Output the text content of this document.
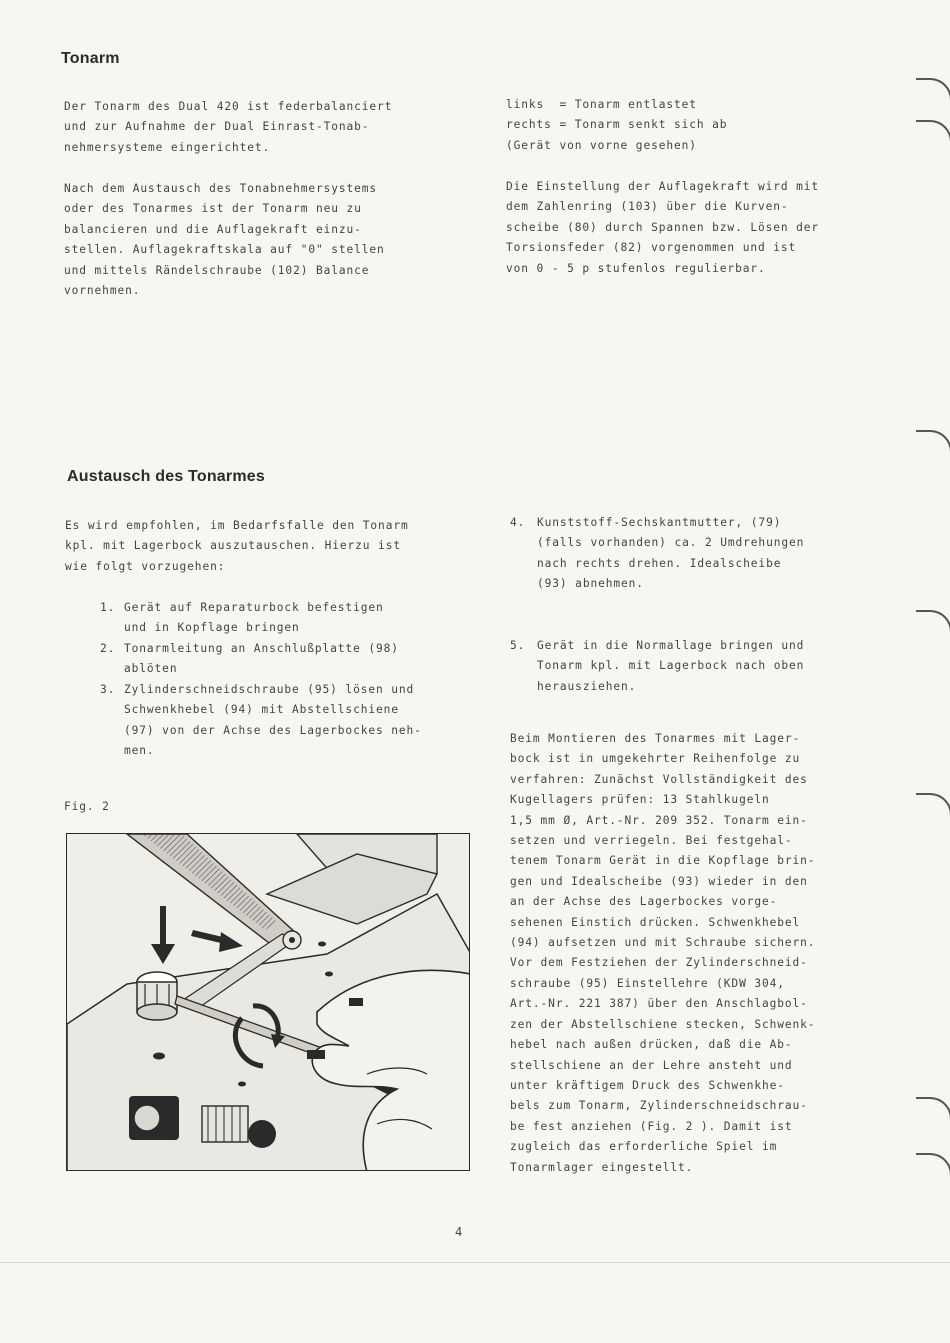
Tonarm

Der Tonarm des Dual 420 ist federbalanciert
und zur Aufnahme der Dual Einrast-Tonab-
nehmersysteme eingerichtet.

Nach dem Austausch des Tonabnehmersystems
oder des Tonarmes ist der Tonarm neu zu
balancieren und die Auflagekraft einzu-
stellen. Auflagekraftskala auf "0" stellen
und mittels Rändelschraube (102) Balance
vornehmen.

links  = Tonarm entlastet
rechts = Tonarm senkt sich ab
(Gerät von vorne gesehen)

Die Einstellung der Auflagekraft wird mit
dem Zahlenring (103) über die Kurven-
scheibe (80) durch Spannen bzw. Lösen der
Torsionsfeder (82) vorgenommen und ist
von 0 - 5 p stufenlos regulierbar.

Austausch des Tonarmes

Es wird empfohlen, im Bedarfsfalle den Tonarm
kpl. mit Lagerbock auszutauschen. Hierzu ist
wie folgt vorzugehen:

1. Gerät auf Reparaturbock befestigen
und in Kopflage bringen
2. Tonarmleitung an Anschlußplatte (98)
ablöten
3. Zylinderschneidschraube (95) lösen und
Schwenkhebel (94) mit Abstellschiene
(97) von der Achse des Lagerbockes neh-
men.
4. Kunststoff-Sechskantmutter, (79)
(falls vorhanden) ca. 2 Umdrehungen
nach rechts drehen. Idealscheibe
(93) abnehmen.
5. Gerät in die Normallage bringen und
Tonarm kpl. mit Lagerbock nach oben
herausziehen.

Beim Montieren des Tonarmes mit Lager-
bock ist in umgekehrter Reihenfolge zu
verfahren: Zunächst Vollständigkeit des
Kugellagers prüfen: 13 Stahlkugeln
1,5 mm Ø, Art.-Nr. 209 352. Tonarm ein-
setzen und verriegeln. Bei festgehal-
tenem Tonarm Gerät in die Kopflage brin-
gen und Idealscheibe (93) wieder in den
an der Achse des Lagerbockes vorge-
sehenen Einstich drücken. Schwenkhebel
(94) aufsetzen und mit Schraube sichern.
Vor dem Festziehen der Zylinderschneid-
schraube (95) Einstellehre (KDW 304,
Art.-Nr. 221 387) über den Anschlagbol-
zen der Abstellschiene stecken, Schwenk-
hebel nach außen drücken, daß die Ab-
stellschiene an der Lehre ansteht und
unter kräftigem Druck des Schwenkhe-
bels zum Tonarm, Zylinderschneidschrau-
be fest anziehen (Fig. 2 ). Damit ist
zugleich das erforderliche Spiel im
Tonarmlager eingestellt.

Fig. 2

4
